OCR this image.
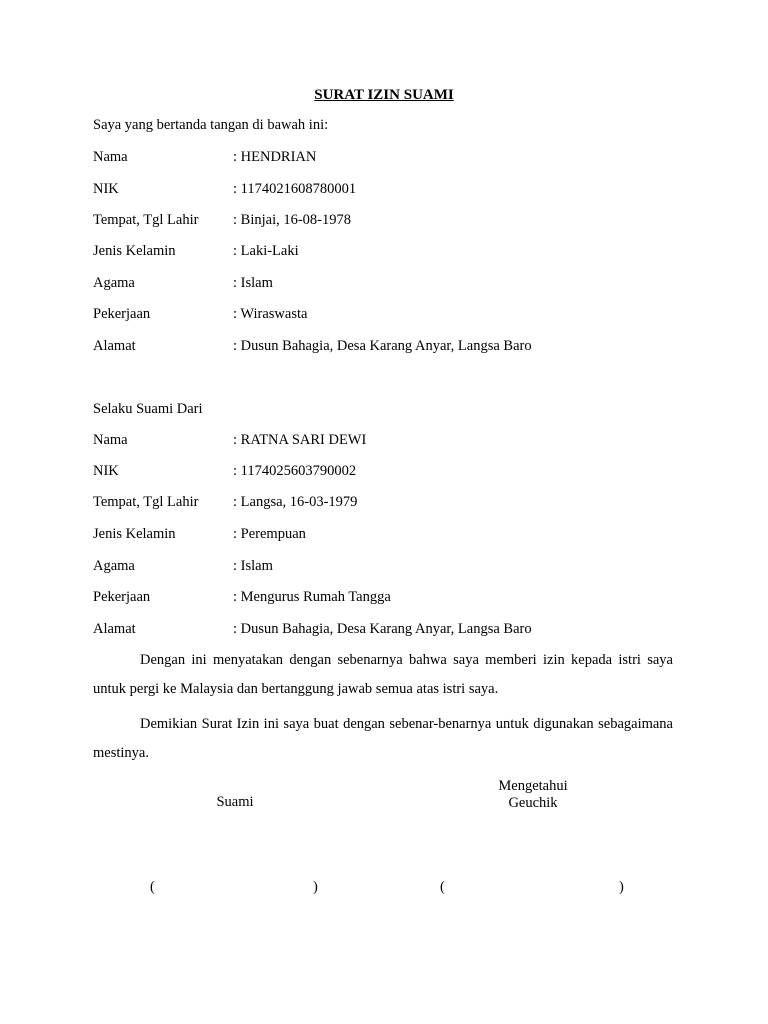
SURAT IZIN SUAMI
Saya yang bertanda tangan di bawah ini:
Nama	: HENDRIAN
NIK	: 1174021608780001
Tempat, Tgl Lahir : Binjai, 16-08-1978
Jenis Kelamin	: Laki-Laki
Agama	: Islam
Pekerjaan	: Wiraswasta
Alamat	: Dusun Bahagia, Desa Karang Anyar, Langsa Baro
Selaku Suami Dari
Nama	: RATNA SARI DEWI
NIK	: 1174025603790002
Tempat, Tgl Lahir : Langsa, 16-03-1979
Jenis Kelamin	: Perempuan
Agama	: Islam
Pekerjaan	: Mengurus Rumah Tangga
Alamat	: Dusun Bahagia, Desa Karang Anyar, Langsa Baro
Dengan ini menyatakan dengan sebenarnya bahwa saya memberi izin kepada istri saya untuk pergi ke Malaysia dan bertanggung jawab semua atas istri saya.
Demikian Surat Izin ini saya buat dengan sebenar-benarnya untuk digunakan sebagaimana mestinya.
Suami
Mengetahui
Geuchik
(	)	(	)
